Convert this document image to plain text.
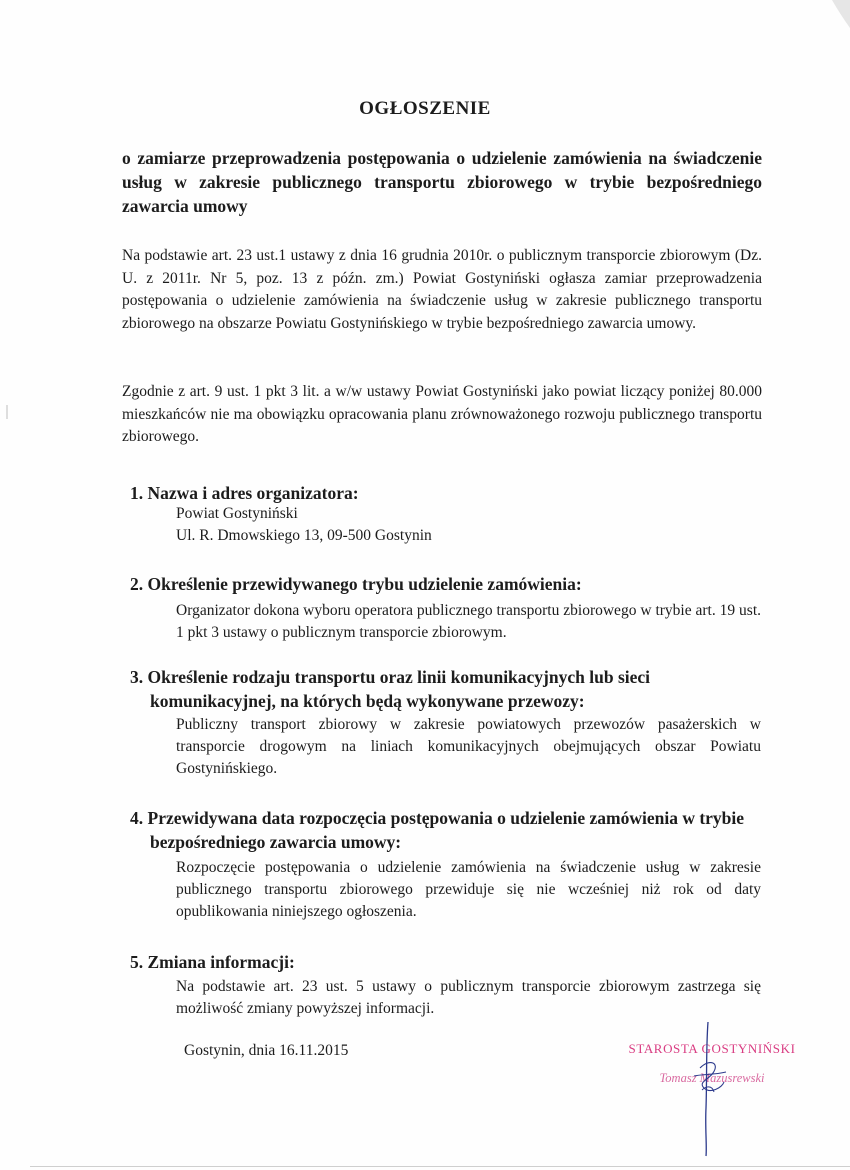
OGŁOSZENIE
o zamiarze przeprowadzenia postępowania o udzielenie zamówienia na świadczenie usług w zakresie publicznego transportu zbiorowego w trybie bezpośredniego zawarcia umowy
Na podstawie art. 23 ust.1 ustawy z dnia 16 grudnia 2010r. o publicznym transporcie zbiorowym (Dz. U. z 2011r. Nr 5, poz. 13 z późn. zm.) Powiat Gostyniński ogłasza zamiar przeprowadzenia postępowania o udzielenie zamówienia na świadczenie usług w zakresie publicznego transportu zbiorowego na obszarze Powiatu Gostynińskiego w trybie bezpośredniego zawarcia umowy.
Zgodnie z art. 9 ust. 1 pkt 3 lit. a w/w ustawy Powiat Gostyniński jako powiat liczący poniżej 80.000 mieszkańców nie ma obowiązku opracowania planu zrównoważonego rozwoju publicznego transportu zbiorowego.
1. Nazwa i adres organizatora:
Powiat Gostyniński
Ul. R. Dmowskiego 13, 09-500 Gostynin
2. Określenie przewidywanego trybu udzielenie zamówienia:
Organizator dokona wyboru operatora publicznego transportu zbiorowego w trybie art. 19 ust. 1 pkt 3 ustawy o publicznym transporcie zbiorowym.
3. Określenie rodzaju transportu oraz linii komunikacyjnych lub sieci komunikacyjnej, na których będą wykonywane przewozy:
Publiczny transport zbiorowy w zakresie powiatowych przewozów pasażerskich w transporcie drogowym na liniach komunikacyjnych obejmujących obszar Powiatu Gostynińskiego.
4. Przewidywana data rozpoczęcia postępowania o udzielenie zamówienia w trybie bezpośredniego zawarcia umowy:
Rozpoczęcie postępowania o udzielenie zamówienia na świadczenie usług w zakresie publicznego transportu zbiorowego przewiduje się nie wcześniej niż rok od daty opublikowania niniejszego ogłoszenia.
5. Zmiana informacji:
Na podstawie art. 23 ust. 5 ustawy o publicznym transporcie zbiorowym zastrzega się możliwość zmiany powyższej informacji.
Gostynin, dnia 16.11.2015	STAROSTA GOSTYNIŃSKI
Tomasz Mazusrewski
